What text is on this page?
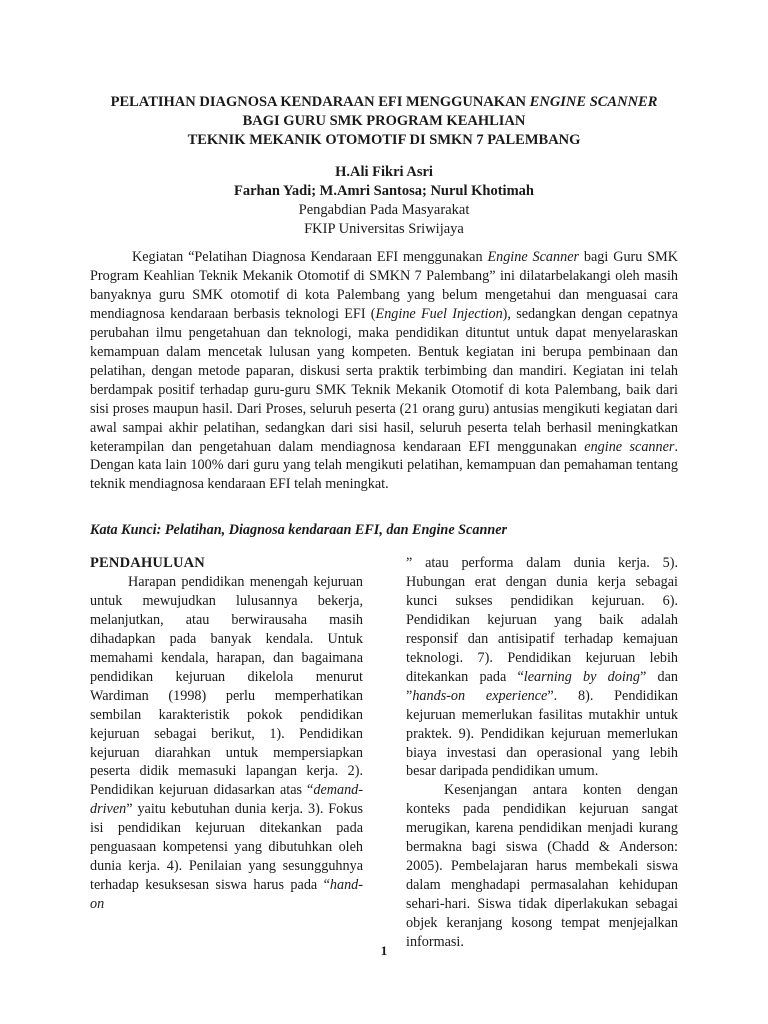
PELATIHAN DIAGNOSA KENDARAAN EFI MENGGUNAKAN ENGINE SCANNER
BAGI GURU SMK PROGRAM KEAHLIAN
TEKNIK MEKANIK OTOMOTIF DI SMKN 7 PALEMBANG
H.Ali Fikri Asri
Farhan Yadi; M.Amri Santosa; Nurul Khotimah
Pengabdian Pada Masyarakat
FKIP Universitas Sriwijaya

Kegiatan “Pelatihan Diagnosa Kendaraan EFI menggunakan Engine Scanner bagi Guru SMK Program Keahlian Teknik Mekanik Otomotif di SMKN 7 Palembang” ini dilatarbelakangi oleh masih banyaknya guru SMK otomotif di kota Palembang yang belum mengetahui dan menguasai cara mendiagnosa kendaraan berbasis teknologi EFI (Engine Fuel Injection), sedangkan dengan cepatnya perubahan ilmu pengetahuan dan teknologi, maka pendidikan dituntut untuk dapat menyelaraskan kemampuan dalam mencetak lulusan yang kompeten. Bentuk kegiatan ini berupa pembinaan dan pelatihan, dengan metode paparan, diskusi serta praktik terbimbing dan mandiri. Kegiatan ini telah berdampak positif terhadap guru-guru SMK Teknik Mekanik Otomotif di kota Palembang, baik dari sisi proses maupun hasil. Dari Proses, seluruh peserta (21 orang guru) antusias mengikuti kegiatan dari awal sampai akhir pelatihan, sedangkan dari sisi hasil, seluruh peserta telah berhasil meningkatkan keterampilan dan pengetahuan dalam mendiagnosa kendaraan EFI menggunakan engine scanner. Dengan kata lain 100% dari guru yang telah mengikuti pelatihan, kemampuan dan pemahaman tentang teknik mendiagnosa kendaraan EFI telah meningkat.

Kata Kunci: Pelatihan, Diagnosa kendaraan EFI, dan Engine Scanner

PENDAHULUAN

Harapan pendidikan menengah kejuruan untuk mewujudkan lulusannya bekerja, melanjutkan, atau berwirausaha masih dihadapkan pada banyak kendala. Untuk memahami kendala, harapan, dan bagaimana pendidikan kejuruan dikelola menurut Wardiman (1998) perlu memperhatikan sembilan karakteristik pokok pendidikan kejuruan sebagai berikut, 1). Pendidikan kejuruan diarahkan untuk mempersiapkan peserta didik memasuki lapangan kerja. 2). Pendidikan kejuruan didasarkan atas “demand-driven” yaitu kebutuhan dunia kerja. 3). Fokus isi pendidikan kejuruan ditekankan pada penguasaan kompetensi yang dibutuhkan oleh dunia kerja. 4). Penilaian yang sesungguhnya terhadap kesuksesan siswa harus pada “hand-on

” atau performa dalam dunia kerja. 5). Hubungan erat dengan dunia kerja sebagai kunci sukses pendidikan kejuruan. 6). Pendidikan kejuruan yang baik adalah responsif dan antisipatif terhadap kemajuan teknologi. 7). Pendidikan kejuruan lebih ditekankan pada “learning by doing” dan ”hands-on experience”. 8). Pendidikan kejuruan memerlukan fasilitas mutakhir untuk praktek. 9). Pendidikan kejuruan memerlukan biaya investasi dan operasional yang lebih besar daripada pendidikan umum.

Kesenjangan antara konten dengan konteks pada pendidikan kejuruan sangat merugikan, karena pendidikan menjadi kurang bermakna bagi siswa (Chadd & Anderson: 2005). Pembelajaran harus membekali siswa dalam menghadapi permasalahan kehidupan sehari-hari. Siswa tidak diperlakukan sebagai objek keranjang kosong tempat menjejalkan informasi.

1
